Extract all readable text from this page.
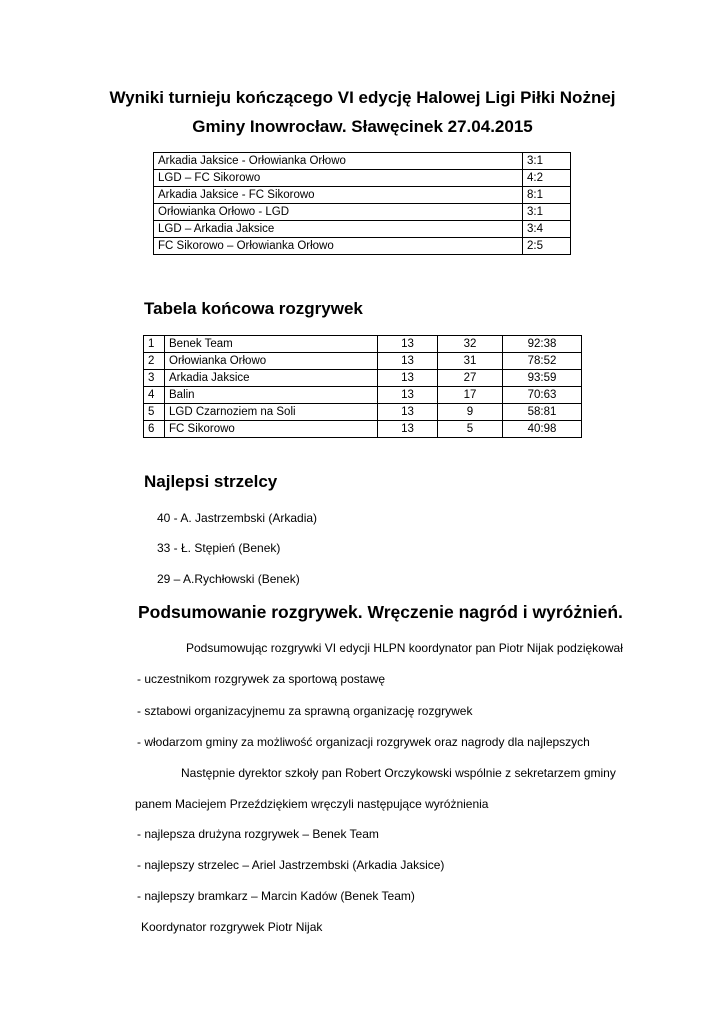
Wyniki turnieju kończącego VI edycję Halowej Ligi Piłki Nożnej
Gminy Inowrocław. Sławęcinek 27.04.2015
Arkadia Jaksice - Orłowianka Orłowo	3:1
LGD – FC Sikorowo	4:2
Arkadia Jaksice - FC Sikorowo	8:1
Orłowianka Orłowo - LGD	3:1
LGD – Arkadia Jaksice	3:4
FC Sikorowo – Orłowianka Orłowo	2:5
Tabela końcowa rozgrywek
1	Benek Team	13	32	92:38
2	Orłowianka Orłowo	13	31	78:52
3	Arkadia Jaksice	13	27	93:59
4	Balin	13	17	70:63
5	LGD Czarnoziem na Soli	13	9	58:81
6	FC Sikorowo	13	5	40:98
Najlepsi strzelcy
40 - A. Jastrzembski (Arkadia)
33 - Ł. Stępień (Benek)
29 – A.Rychłowski (Benek)
Podsumowanie rozgrywek. Wręczenie nagród i wyróżnień.
Podsumowując rozgrywki VI edycji HLPN koordynator pan Piotr Nijak podziękował
- uczestnikom rozgrywek za sportową postawę
- sztabowi organizacyjnemu za sprawną organizację rozgrywek
- włodarzom gminy za możliwość organizacji rozgrywek oraz nagrody dla najlepszych
Następnie dyrektor szkoły pan Robert Orczykowski wspólnie z sekretarzem gminy
panem Maciejem Przeździękiem wręczyli następujące wyróżnienia
- najlepsza drużyna rozgrywek – Benek Team
- najlepszy strzelec – Ariel Jastrzembski (Arkadia Jaksice)
- najlepszy bramkarz – Marcin Kadów (Benek Team)
Koordynator rozgrywek Piotr Nijak
